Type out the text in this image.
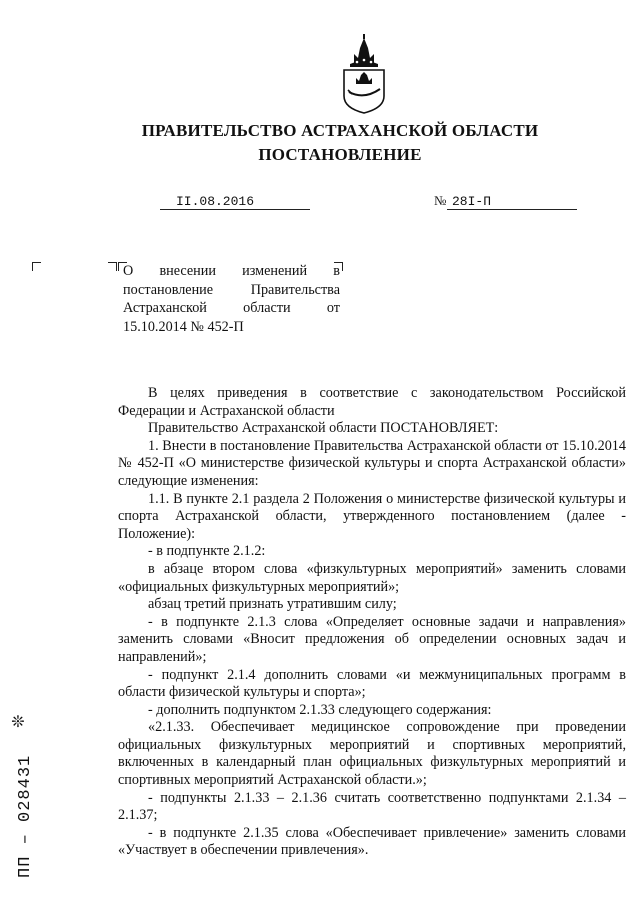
ПРАВИТЕЛЬСТВО АСТРАХАНСКОЙ ОБЛАСТИ
ПОСТАНОВЛЕНИЕ
II.08.2016	№ 28I-П
О внесении изменений в постановление Правительства Астраханской области от 15.10.2014 № 452-П

В целях приведения в соответствие с законодательством Российской Федерации и Астраханской области

Правительство Астраханской области ПОСТАНОВЛЯЕТ:

1. Внести в постановление Правительства Астраханской области от 15.10.2014 № 452-П «О министерстве физической культуры и спорта Астраханской области» следующие изменения:

1.1. В пункте 2.1 раздела 2 Положения о министерстве физической культуры и спорта Астраханской области, утвержденного постановлением (далее - Положение):

- в подпункте 2.1.2:

в абзаце втором слова «физкультурных мероприятий» заменить словами «официальных физкультурных мероприятий»;

абзац третий признать утратившим силу;

- в подпункте 2.1.3 слова «Определяет основные задачи и направления» заменить словами «Вносит предложения об определении основных задач и направлений»;

- подпункт 2.1.4 дополнить словами «и межмуниципальных программ в области физической культуры и спорта»;

- дополнить подпунктом 2.1.33 следующего содержания:

«2.1.33. Обеспечивает медицинское сопровождение при проведении официальных физкультурных мероприятий и спортивных мероприятий, включенных в календарный план официальных физкультурных мероприятий и спортивных мероприятий Астраханской области.»;

- подпункты 2.1.33 – 2.1.36 считать соответственно подпунктами 2.1.34 – 2.1.37;

- в подпункте 2.1.35 слова «Обеспечивает привлечение» заменить словами «Участвует в обеспечении привлечения».

❊
ПП – 028431
